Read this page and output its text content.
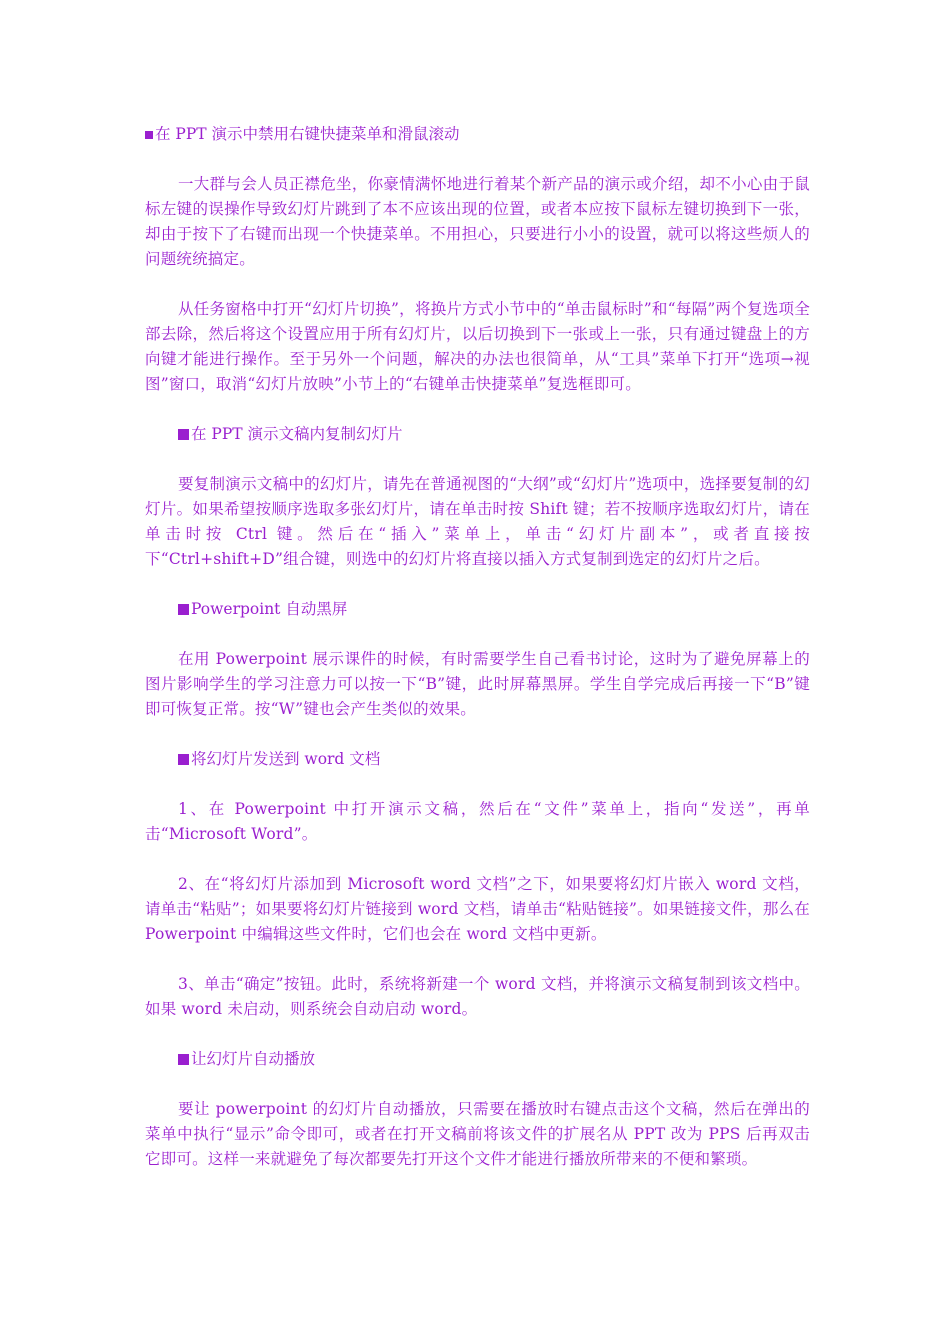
在 PPT 演示中禁用右键快捷菜单和滑鼠滚动

一大群与会人员正襟危坐，你豪情满怀地进行着某个新产品的演示或介绍，却不小心由于鼠标左键的误操作导致幻灯片跳到了本不应该出现的位置，或者本应按下鼠标左键切换到下一张，却由于按下了右键而出现一个快捷菜单。不用担心，只要进行小小的设置，就可以将这些烦人的问题统统搞定。

从任务窗格中打开“幻灯片切换”，将换片方式小节中的“单击鼠标时”和“每隔”两个复选项全部去除，然后将这个设置应用于所有幻灯片，以后切换到下一张或上一张，只有通过键盘上的方向键才能进行操作。至于另外一个问题，解决的办法也很简单，从“工具”菜单下打开“选项→视图”窗口，取消“幻灯片放映”小节上的“右键单击快捷菜单”复选框即可。

在 PPT 演示文稿内复制幻灯片

要复制演示文稿中的幻灯片，请先在普通视图的“大纲”或“幻灯片”选项中，选择要复制的幻灯片。如果希望按顺序选取多张幻灯片，请在单击时按 Shift 键；若不按顺序选取幻灯片，请在单击时按 Ctrl 键。然后在“插入”菜单上，单击“幻灯片副本”，或者直接按下“Ctrl+shift+D”组合键，则选中的幻灯片将直接以插入方式复制到选定的幻灯片之后。

Powerpoint 自动黑屏

在用 Powerpoint 展示课件的时候，有时需要学生自己看书讨论，这时为了避免屏幕上的图片影响学生的学习注意力可以按一下“B”键，此时屏幕黑屏。学生自学完成后再接一下“B”键即可恢复正常。按“W”键也会产生类似的效果。

将幻灯片发送到 word 文档

1、在 Powerpoint 中打开演示文稿，然后在“文件”菜单上，指向“发送”，再单击“Microsoft Word”。

2、在“将幻灯片添加到 Microsoft word 文档”之下，如果要将幻灯片嵌入 word 文档，请单击“粘贴”；如果要将幻灯片链接到 word 文档，请单击“粘贴链接”。如果链接文件，那么在 Powerpoint 中编辑这些文件时，它们也会在 word 文档中更新。

3、单击“确定”按钮。此时，系统将新建一个 word 文档，并将演示文稿复制到该文档中。如果 word 未启动，则系统会自动启动 word。

让幻灯片自动播放

要让 powerpoint 的幻灯片自动播放，只需要在播放时右键点击这个文稿，然后在弹出的菜单中执行“显示”命令即可，或者在打开文稿前将该文件的扩展名从 PPT 改为 PPS 后再双击它即可。这样一来就避免了每次都要先打开这个文件才能进行播放所带来的不便和繁琐。
